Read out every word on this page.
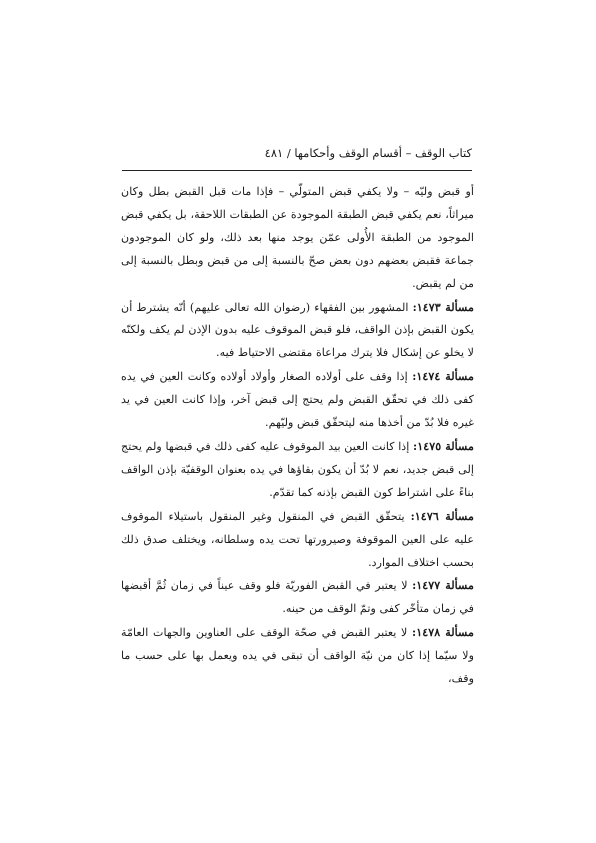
كتاب الوقف – أقسام الوقف وأحكامها / ٤٨١

أو قبض وليّه – ولا يكفي قبض المتولّي – فإذا مات قبل القبض بطل وكان ميراثاً، نعم يكفي قبض الطبقة الموجودة عن الطبقات اللاحقة، بل يكفي قبض الموجود من الطبقة الأُولى عمّن يوجد منها بعد ذلك، ولو كان الموجودون جماعة فقبض بعضهم دون بعض صحّ بالنسبة إلى من قبض وبطل بالنسبة إلى من لم يقبض.

مسألة ١٤٧٣: المشهور بين الفقهاء (رضوان الله تعالى عليهم) أنّه يشترط أن يكون القبض بإذن الواقف، فلو قبض الموقوف عليه بدون الإذن لم يكف ولكنّه لا يخلو عن إشكال فلا يترك مراعاة مقتضى الاحتياط فيه.

مسألة ١٤٧٤: إذا وقف على أولاده الصغار وأولاد أولاده وكانت العين في يده كفى ذلك في تحقّق القبض ولم يحتج إلى قبض آخر، وإذا كانت العين في يد غيره فلا بُدّ من أخذها منه ليتحقّق قبض وليّهم.

مسألة ١٤٧٥: إذا كانت العين بيد الموقوف عليه كفى ذلك في قبضها ولم يحتج إلى قبض جديد، نعم لا بُدّ أن يكون بقاؤها في يده بعنوان الوقفيّة بإذن الواقف بناءً على اشتراط كون القبض بإذنه كما تقدّم.

مسألة ١٤٧٦: يتحقّق القبض في المنقول وغير المنقول باستيلاء الموقوف عليه على العين الموقوفة وصيرورتها تحت يده وسلطانه، ويختلف صدق ذلك بحسب اختلاف الموارد.

مسألة ١٤٧٧: لا يعتبر في القبض الفوريّة فلو وقف عيناً في زمان ثُمَّ أقبضها في زمان متأخّر كفى وتمّ الوقف من حينه.

مسألة ١٤٧٨: لا يعتبر القبض في صحّة الوقف على العناوين والجهات العامّة ولا سيّما إذا كان من نيّة الواقف أن تبقى في يده ويعمل بها على حسب ما وقف،
